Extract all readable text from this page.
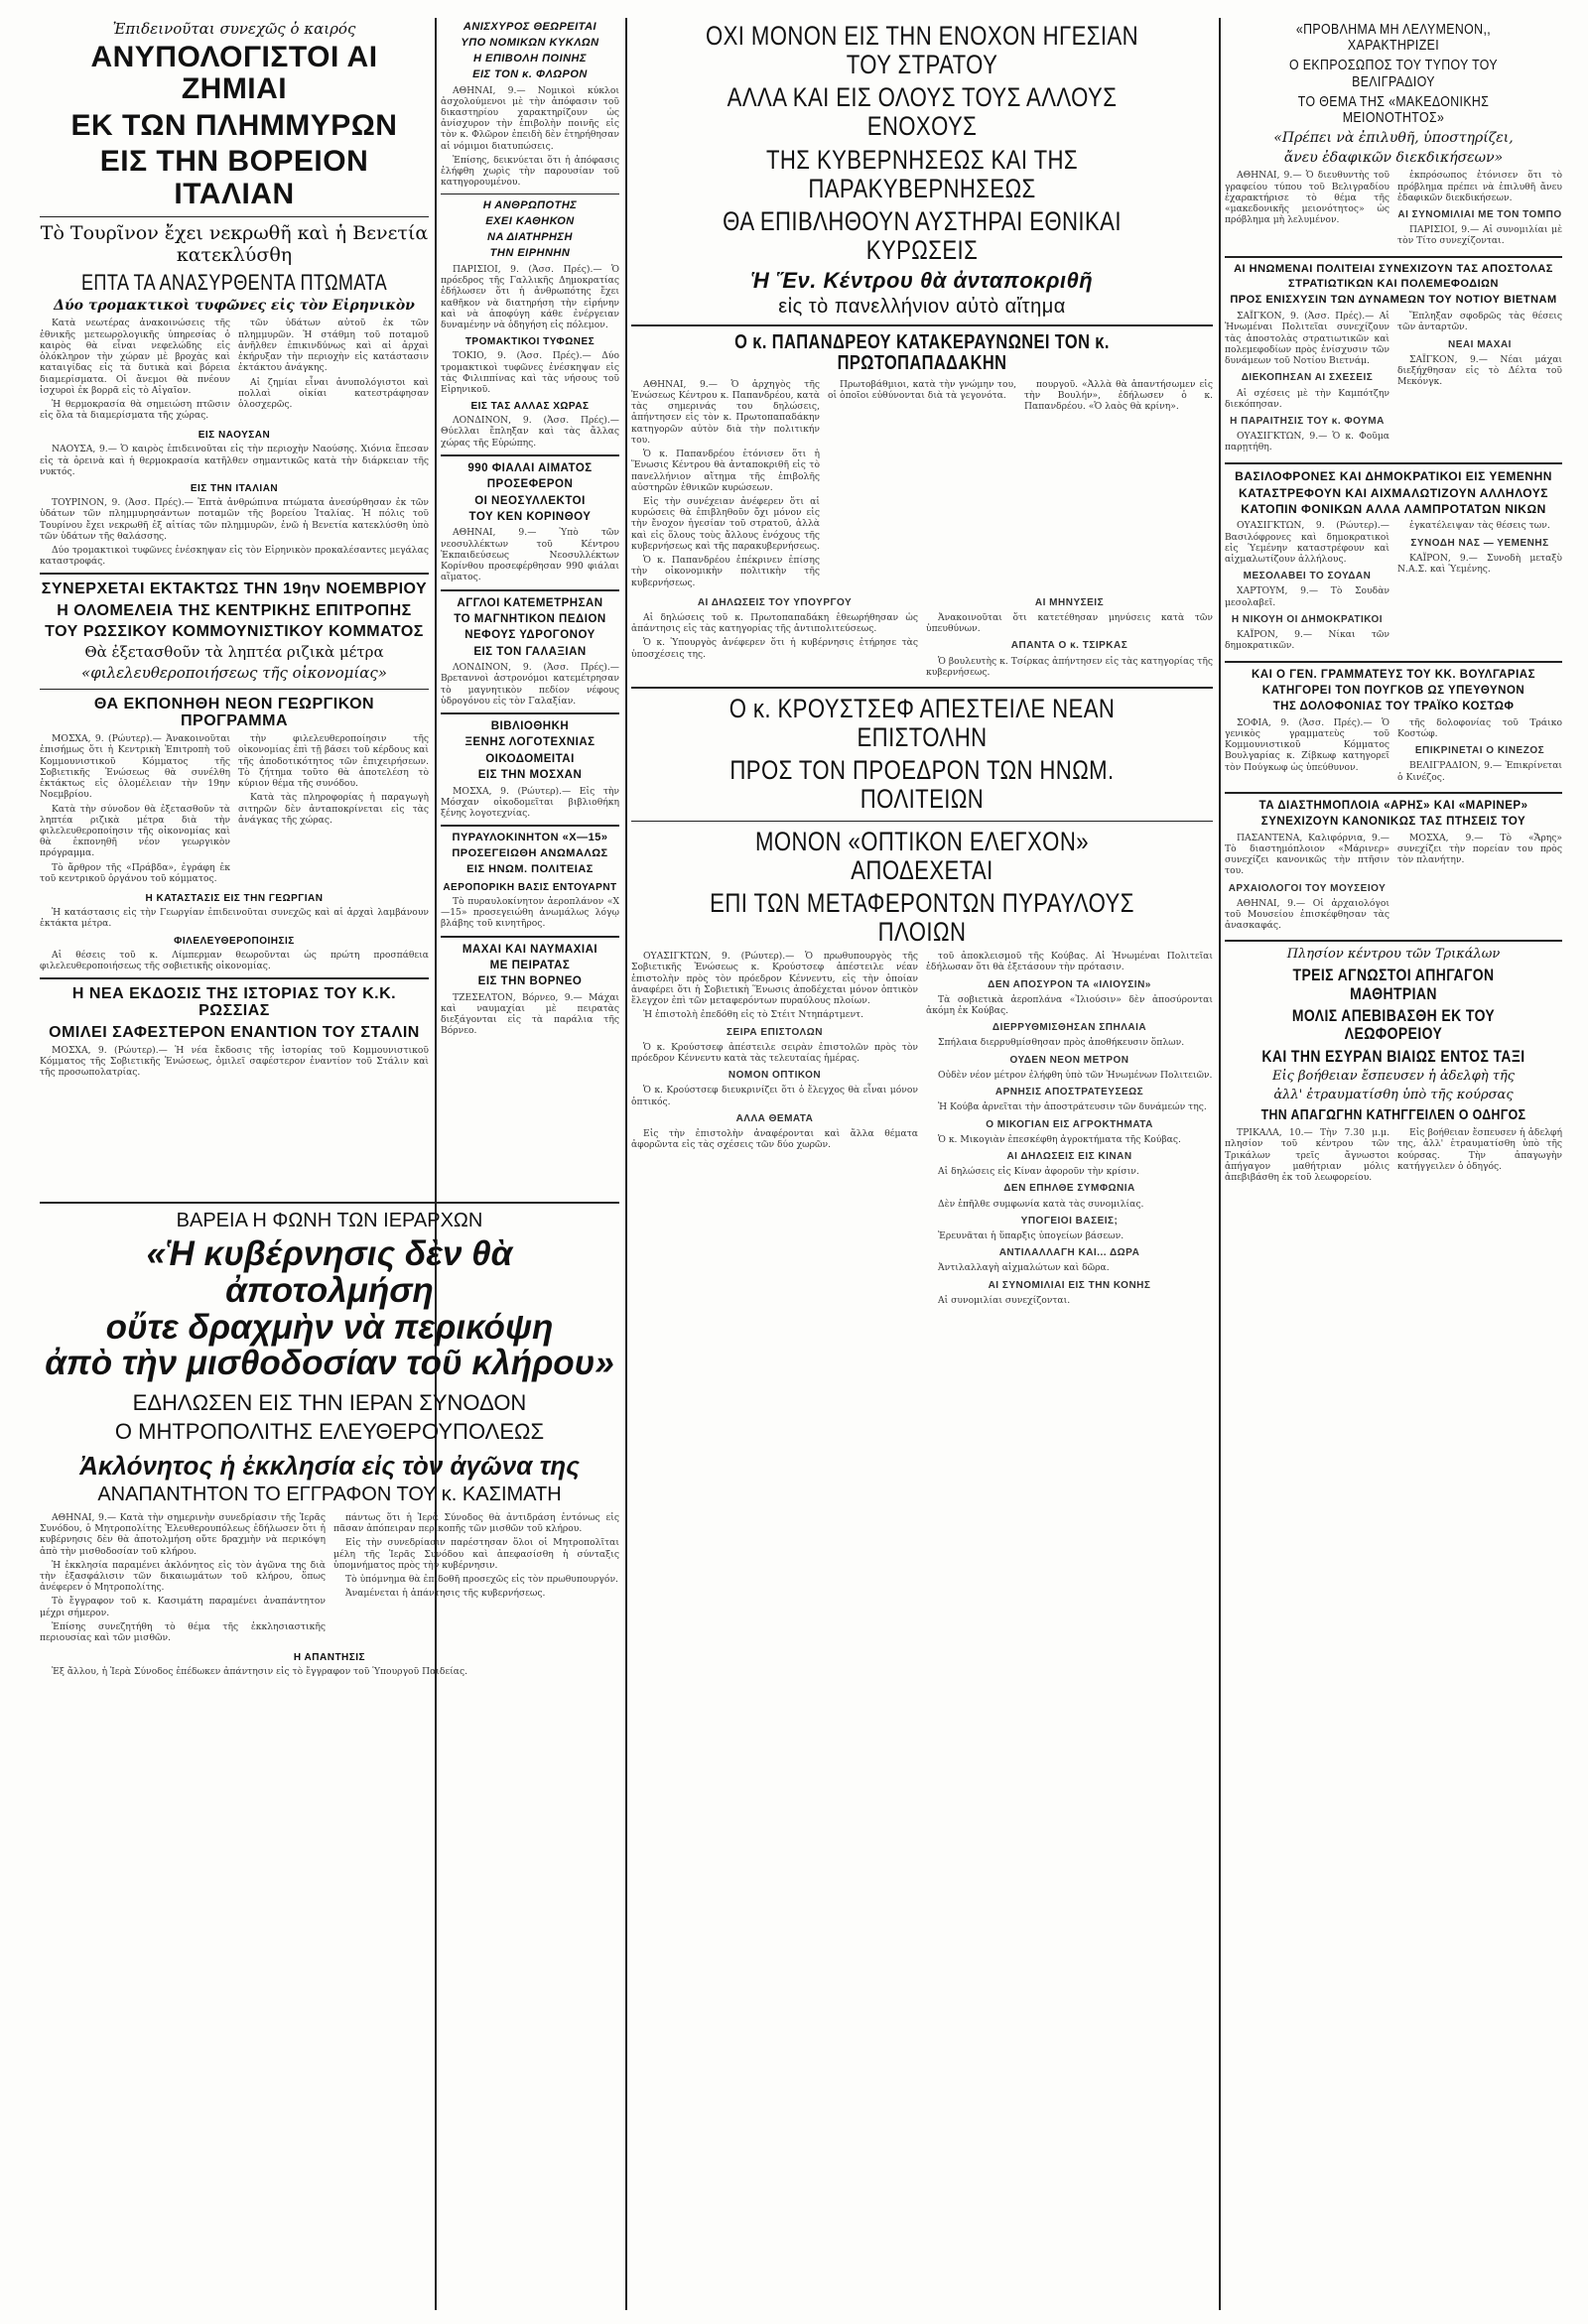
Ἐπιδεινοῦται συνεχῶς ὁ καιρός
ΑΝΥΠΟΛΟΓΙΣΤΟΙ ΑΙ ΖΗΜΙΑΙ
ΕΚ ΤΩΝ ΠΛΗΜΜΥΡΩΝ
ΕΙΣ ΤΗΝ ΒΟΡΕΙΟΝ ΙΤΑΛΙΑΝ
Τὸ Τουρῖνον ἔχει νεκρωθῆ καὶ ἡ Βενετία κατεκλύσθη
ΕΠΤΑ ΤΑ ΑΝΑΣΥΡΘΕΝΤΑ ΠΤΩΜΑΤΑ
Δύο τρομακτικοὶ τυφῶνες εἰς τὸν Εἰρηνικὸν

Κατὰ νεωτέρας ἀνακοινώσεις τῆς ἐθνικῆς μετεωρολογικῆς ὑπηρεσίας ὁ καιρὸς θὰ εἶναι νεφελώδης εἰς ὁλόκληρον τὴν χώραν μὲ βροχὰς καὶ καταιγίδας εἰς τὰ δυτικὰ καὶ βόρεια διαμερίσματα. Οἱ ἄνεμοι θὰ πνέουν ἰσχυροὶ ἐκ βορρᾶ εἰς τὸ Αἰγαῖον.

Ἡ θερμοκρασία θὰ σημειώση πτῶσιν εἰς ὅλα τὰ διαμερίσματα τῆς χώρας.

τῶν ὑδάτων αὐτοῦ ἐκ τῶν πλημμυρῶν. Ἡ στάθμη τοῦ ποταμοῦ ἀνῆλθεν ἐπικινδύνως καὶ αἱ ἀρχαὶ ἐκήρυξαν τὴν περιοχὴν εἰς κατάστασιν ἐκτάκτου ἀνάγκης.

Αἱ ζημίαι εἶναι ἀνυπολόγιστοι καὶ πολλαὶ οἰκίαι κατεστράφησαν ὁλοσχερῶς.

ΕΙΣ ΝΑΟΥΣΑΝ

ΝΑΟΥΣΑ, 9.— Ὁ καιρὸς ἐπιδεινοῦται εἰς τὴν περιοχὴν Ναούσης. Χιόνια ἔπεσαν εἰς τὰ ὀρεινὰ καὶ ἡ θερμοκρασία κατῆλθεν σημαντικῶς κατὰ τὴν διάρκειαν τῆς νυκτός.

ΕΙΣ ΤΗΝ ΙΤΑΛΙΑΝ

ΤΟΥΡΙΝΟΝ, 9. (Ἀσσ. Πρές).— Ἐπτὰ ἀνθρώπινα πτώματα ἀνεσύρθησαν ἐκ τῶν ὑδάτων τῶν πλημμυρησάντων ποταμῶν τῆς βορείου Ἰταλίας. Ἡ πόλις τοῦ Τουρίνου ἔχει νεκρωθῆ ἐξ αἰτίας τῶν πλημμυρῶν, ἐνῶ ἡ Βενετία κατεκλύσθη ὑπὸ τῶν ὑδάτων τῆς θαλάσσης.

Δύο τρομακτικοὶ τυφῶνες ἐνέσκηψαν εἰς τὸν Εἰρηνικὸν προκαλέσαντες μεγάλας καταστροφάς.

ΣΥΝΕΡΧΕΤΑΙ ΕΚΤΑΚΤΩΣ ΤΗΝ 19ην ΝΟΕΜΒΡΙΟΥ
Η ΟΛΟΜΕΛΕΙΑ ΤΗΣ ΚΕΝΤΡΙΚΗΣ ΕΠΙΤΡΟΠΗΣ
ΤΟΥ ΡΩΣΣΙΚΟΥ ΚΟΜΜΟΥΝΙΣΤΙΚΟΥ ΚΟΜΜΑΤΟΣ
Θὰ ἐξετασθοῦν τὰ ληπτέα ριζικὰ μέτρα
«φιλελευθεροποιήσεως τῆς οἰκονομίας»
ΘΑ ΕΚΠΟΝΗΘΗ ΝΕΟΝ ΓΕΩΡΓΙΚΟΝ ΠΡΟΓΡΑΜΜΑ

ΜΟΣΧΑ, 9. (Ρώυτερ).— Ἀνακοινοῦται ἐπισήμως ὅτι ἡ Κεντρικὴ Ἐπιτροπὴ τοῦ Κομμουνιστικοῦ Κόμματος τῆς Σοβιετικῆς Ἑνώσεως θὰ συνέλθη ἐκτάκτως εἰς ὁλομέλειαν τὴν 19ην Νοεμβρίου.

Κατὰ τὴν σύνοδον θὰ ἐξετασθοῦν τὰ ληπτέα ριζικὰ μέτρα διὰ τὴν φιλελευθεροποίησιν τῆς οἰκονομίας καὶ θὰ ἐκπονηθῆ νέον γεωργικὸν πρόγραμμα.

Τὸ ἄρθρον τῆς «Πράβδα», ἐγράφη ἐκ τοῦ κεντρικοῦ ὀργάνου τοῦ κόμματος.

τὴν φιλελευθεροποίησιν τῆς οἰκονομίας ἐπὶ τῇ βάσει τοῦ κέρδους καὶ τῆς ἀποδοτικότητος τῶν ἐπιχειρήσεων. Τὸ ζήτημα τοῦτο θὰ ἀποτελέση τὸ κύριον θέμα τῆς συνόδου.

Κατὰ τὰς πληροφορίας ἡ παραγωγὴ σιτηρῶν δὲν ἀνταποκρίνεται εἰς τὰς ἀνάγκας τῆς χώρας.

Η ΚΑΤΑΣΤΑΣΙΣ ΕΙΣ ΤΗΝ ΓΕΩΡΓΙΑΝ

Ἡ κατάστασις εἰς τὴν Γεωργίαν ἐπιδεινοῦται συνεχῶς καὶ αἱ ἀρχαὶ λαμβάνουν ἐκτάκτα μέτρα.

ΦΙΛΕΛΕΥΘΕΡΟΠΟΙΗΣΙΣ

Αἱ θέσεις τοῦ κ. Λίμπερμαν θεωροῦνται ὡς πρώτη προσπάθεια φιλελευθεροποιήσεως τῆς σοβιετικῆς οἰκονομίας.

Η ΝΕΑ ΕΚΔΟΣΙΣ ΤΗΣ ΙΣΤΟΡΙΑΣ ΤΟΥ Κ.Κ. ΡΩΣΣΙΑΣ
ΟΜΙΛΕΙ ΣΑΦΕΣΤΕΡΟΝ ΕΝΑΝΤΙΟΝ ΤΟΥ ΣΤΑΛΙΝ

ΜΟΣΧΑ, 9. (Ρώυτερ).— Ἡ νέα ἔκδοσις τῆς ἱστορίας τοῦ Κομμουνιστικοῦ Κόμματος τῆς Σοβιετικῆς Ἑνώσεως, ὁμιλεῖ σαφέστερον ἐναντίον τοῦ Στάλιν καὶ τῆς προσωπολατρίας.

ΑΝΙΣΧΥΡΟΣ ΘΕΩΡΕΙΤΑΙ
ΥΠΟ ΝΟΜΙΚΩΝ ΚΥΚΛΩΝ
Η ΕΠΙΒΟΛΗ ΠΟΙΝΗΣ
ΕΙΣ ΤΟΝ κ. ΦΛΩΡΟΝ

ΑΘΗΝΑΙ, 9.— Νομικοὶ κύκλοι ἀσχολούμενοι μὲ τὴν ἀπόφασιν τοῦ δικαστηρίου χαρακτηρίζουν ὡς ἀνίσχυρον τὴν ἐπιβολὴν ποινῆς εἰς τὸν κ. Φλῶρον ἐπειδὴ δὲν ἐτηρήθησαν αἱ νόμιμοι διατυπώσεις.

Ἐπίσης, δεικνύεται ὅτι ἡ ἀπόφασις ἐλήφθη χωρὶς τὴν παρουσίαν τοῦ κατηγορουμένου.

Η ΑΝΘΡΩΠΟΤΗΣ
ΕΧΕΙ ΚΑΘΗΚΟΝ
ΝΑ ΔΙΑΤΗΡΗΣΗ
ΤΗΝ ΕΙΡΗΝΗΝ

ΠΑΡΙΣΙΟΙ, 9. (Ἀσσ. Πρές).— Ὁ πρόεδρος τῆς Γαλλικῆς Δημοκρατίας ἐδήλωσεν ὅτι ἡ ἀνθρωπότης ἔχει καθῆκον νὰ διατηρήση τὴν εἰρήνην καὶ νὰ ἀποφύγη κάθε ἐνέργειαν δυναμένην νὰ ὁδηγήση εἰς πόλεμον.

ΤΡΟΜΑΚΤΙΚΟΙ ΤΥΦΩΝΕΣ

ΤΟΚΙΟ, 9. (Ἀσσ. Πρές).— Δύο τρομακτικοὶ τυφῶνες ἐνέσκηψαν εἰς τὰς Φιλιππίνας καὶ τὰς νήσους τοῦ Εἰρηνικοῦ.

ΕΙΣ ΤΑΣ ΑΛΛΑΣ ΧΩΡΑΣ

ΛΟΝΔΙΝΟΝ, 9. (Ἀσσ. Πρές).— Θύελλαι ἔπληξαν καὶ τὰς ἄλλας χώρας τῆς Εὐρώπης.

990 ΦΙΑΛΑΙ ΑΙΜΑΤΟΣ
ΠΡΟΣΕΦΕΡΟΝ
ΟΙ ΝΕΟΣΥΛΛΕΚΤΟΙ
ΤΟΥ ΚΕΝ ΚΟΡΙΝΘΟΥ

ΑΘΗΝΑΙ, 9.— Ὑπὸ τῶν νεοσυλλέκτων τοῦ Κέντρου Ἐκπαιδεύσεως Νεοσυλλέκτων Κορίνθου προσεφέρθησαν 990 φιάλαι αἵματος.

ΑΓΓΛΟΙ ΚΑΤΕΜΕΤΡΗΣΑΝ
ΤΟ ΜΑΓΝΗΤΙΚΟΝ ΠΕΔΙΟΝ
ΝΕΦΟΥΣ ΥΔΡΟΓΟΝΟΥ
ΕΙΣ ΤΟΝ ΓΑΛΑΞΙΑΝ

ΛΟΝΔΙΝΟΝ, 9. (Ἀσσ. Πρές).— Βρεταννοὶ ἀστρονόμοι κατεμέτρησαν τὸ μαγνητικὸν πεδίον νέφους ὑδρογόνου εἰς τὸν Γαλαξίαν.

ΒΙΒΛΙΟΘΗΚΗ
ΞΕΝΗΣ ΛΟΓΟΤΕΧΝΙΑΣ
ΟΙΚΟΔΟΜΕΙΤΑΙ
ΕΙΣ ΤΗΝ ΜΟΣΧΑΝ

ΜΟΣΧΑ, 9. (Ρώυτερ).— Εἰς τὴν Μόσχαν οἰκοδομεῖται βιβλιοθήκη ξένης λογοτεχνίας.

ΠΥΡΑΥΛΟΚΙΝΗΤΟΝ «Χ—15»
ΠΡΟΣΕΓΕΙΩΘΗ ΑΝΩΜΑΛΩΣ
ΕΙΣ ΗΝΩΜ. ΠΟΛΙΤΕΙΑΣ
ΑΕΡΟΠΟΡΙΚΗ ΒΑΣΙΣ ΕΝΤΟΥΑΡΝΤ

Τὸ πυραυλοκίνητον ἀεροπλάνον «Χ—15» προσεγειώθη ἀνωμάλως λόγῳ βλάβης τοῦ κινητῆρος.

ΜΑΧΑΙ ΚΑΙ ΝΑΥΜΑΧΙΑΙ
ΜΕ ΠΕΙΡΑΤΑΣ
ΕΙΣ ΤΗΝ ΒΟΡΝΕΟ

ΤΖΕΣΕΛΤΟΝ, Βόρνεο, 9.— Μάχαι καὶ ναυμαχίαι μὲ πειρατὰς διεξάγονται εἰς τὰ παράλια τῆς Βόρνεο.

ΒΑΡΕΙΑ Η ΦΩΝΗ ΤΩΝ ΙΕΡΑΡΧΩΝ
«Ἡ κυβέρνησις δὲν θὰ ἀποτολμήση
οὔτε δραχμὴν νὰ περικόψη
ἀπὸ τὴν μισθοδοσίαν τοῦ κλήρου»
ΕΔΗΛΩΣΕΝ ΕΙΣ ΤΗΝ ΙΕΡΑΝ ΣΥΝΟΔΟΝ
Ο ΜΗΤΡΟΠΟΛΙΤΗΣ ΕΛΕΥΘΕΡΟΥΠΟΛΕΩΣ
Ἀκλόνητος ἡ ἐκκλησία εἰς τὸν ἀγῶνα της
ΑΝΑΠΑΝΤΗΤΟΝ ΤΟ ΕΓΓΡΑΦΟΝ ΤΟΥ κ. ΚΑΣΙΜΑΤΗ

ΑΘΗΝΑΙ, 9.— Κατὰ τὴν σημερινὴν συνεδρίασιν τῆς Ἱερᾶς Συνόδου, ὁ Μητροπολίτης Ἐλευθερουπόλεως ἐδήλωσεν ὅτι ἡ κυβέρνησις δὲν θὰ ἀποτολμήση οὔτε δραχμὴν νὰ περικόψη ἀπὸ τὴν μισθοδοσίαν τοῦ κλήρου.

Ἡ ἐκκλησία παραμένει ἀκλόνητος εἰς τὸν ἀγῶνα της διὰ τὴν ἐξασφάλισιν τῶν δικαιωμάτων τοῦ κλήρου, ὅπως ἀνέφερεν ὁ Μητροπολίτης.

Τὸ ἔγγραφον τοῦ κ. Κασιμάτη παραμένει ἀναπάντητον μέχρι σήμερον.

Ἐπίσης συνεζητήθη τὸ θέμα τῆς ἐκκλησιαστικῆς περιουσίας καὶ τῶν μισθῶν.

πάντως ὅτι ἡ Ἱερὰ Σύνοδος θὰ ἀντιδράση ἐντόνως εἰς πᾶσαν ἀπόπειραν περικοπῆς τῶν μισθῶν τοῦ κλήρου.

Εἰς τὴν συνεδρίασιν παρέστησαν ὅλοι οἱ Μητροπολῖται μέλη τῆς Ἱερᾶς Συνόδου καὶ ἀπεφασίσθη ἡ σύνταξις ὑπομνήματος πρὸς τὴν κυβέρνησιν.

Τὸ ὑπόμνημα θὰ ἐπιδοθῆ προσεχῶς εἰς τὸν πρωθυπουργόν.

Ἀναμένεται ἡ ἀπάντησις τῆς κυβερνήσεως.

Η ΑΠΑΝΤΗΣΙΣ

Ἐξ ἄλλου, ἡ Ἱερὰ Σύνοδος ἐπέδωκεν ἀπάντησιν εἰς τὸ ἔγγραφον τοῦ Ὑπουργοῦ Παιδείας.

ΟΧΙ ΜΟΝΟΝ ΕΙΣ ΤΗΝ ΕΝΟΧΟΝ ΗΓΕΣΙΑΝ ΤΟΥ ΣΤΡΑΤΟΥ
ΑΛΛΑ ΚΑΙ ΕΙΣ ΟΛΟΥΣ ΤΟΥΣ ΑΛΛΟΥΣ ΕΝΟΧΟΥΣ
ΤΗΣ ΚΥΒΕΡΝΗΣΕΩΣ ΚΑΙ ΤΗΣ ΠΑΡΑΚΥΒΕΡΝΗΣΕΩΣ
ΘΑ ΕΠΙΒΛΗΘΟΥΝ ΑΥΣΤΗΡΑΙ ΕΘΝΙΚΑΙ ΚΥΡΩΣΕΙΣ
Ἡ Ἕν. Κέντρου θὰ ἀνταποκριθῆ
εἰς τὸ πανελλήνιον αὐτὸ αἴτημα
Ο κ. ΠΑΠΑΝΔΡΕΟΥ ΚΑΤΑΚΕΡΑΥΝΩΝΕΙ ΤΟΝ κ. ΠΡΩΤΟΠΑΠΑΔΑΚΗΝ

ΑΘΗΝΑΙ, 9.— Ὁ ἀρχηγὸς τῆς Ἑνώσεως Κέντρου κ. Παπανδρέου, κατὰ τὰς σημερινάς του δηλώσεις, ἀπήντησεν εἰς τὸν κ. Πρωτοπαπαδάκην κατηγορῶν αὐτὸν διὰ τὴν πολιτικήν του.

Ὁ κ. Παπανδρέου ἐτόνισεν ὅτι ἡ Ἕνωσις Κέντρου θὰ ἀνταποκριθῆ εἰς τὸ πανελλήνιον αἴτημα τῆς ἐπιβολῆς αὐστηρῶν ἐθνικῶν κυρώσεων.

Εἰς τὴν συνέχειαν ἀνέφερεν ὅτι αἱ κυρώσεις θὰ ἐπιβληθοῦν ὄχι μόνον εἰς τὴν ἔνοχον ἡγεσίαν τοῦ στρατοῦ, ἀλλὰ καὶ εἰς ὅλους τοὺς ἄλλους ἐνόχους τῆς κυβερνήσεως καὶ τῆς παρακυβερνήσεως.

Ὁ κ. Παπανδρέου ἐπέκρινεν ἐπίσης τὴν οἰκονομικὴν πολιτικὴν τῆς κυβερνήσεως.

Πρωτοβάθμιοι, κατὰ τὴν γνώμην του, οἱ ὁποῖοι εὐθύνονται διὰ τὰ γεγονότα.

πουργοῦ. «Ἀλλὰ θὰ ἀπαντήσωμεν εἰς τὴν Βουλήν», ἐδήλωσεν ὁ κ. Παπανδρέου. «Ὁ λαὸς θὰ κρίνη».

ΑΙ ΔΗΛΩΣΕΙΣ ΤΟΥ ΥΠΟΥΡΓΟΥ

Αἱ δηλώσεις τοῦ κ. Πρωτοπαπαδάκη ἐθεωρήθησαν ὡς ἀπάντησις εἰς τὰς κατηγορίας τῆς ἀντιπολιτεύσεως.

Ὁ κ. Ὑπουργὸς ἀνέφερεν ὅτι ἡ κυβέρνησις ἐτήρησε τὰς ὑποσχέσεις της.

ΑΙ ΜΗΝΥΣΕΙΣ

Ἀνακοινοῦται ὅτι κατετέθησαν μηνύσεις κατὰ τῶν ὑπευθύνων.

ΑΠΑΝΤΑ Ο κ. ΤΣΙΡΚΑΣ

Ὁ βουλευτὴς κ. Τσίρκας ἀπήντησεν εἰς τὰς κατηγορίας τῆς κυβερνήσεως.

Ο κ. ΚΡΟΥΣΤΣΕΦ ΑΠΕΣΤΕΙΛΕ ΝΕΑΝ ΕΠΙΣΤΟΛΗΝ
ΠΡΟΣ ΤΟΝ ΠΡΟΕΔΡΟΝ ΤΩΝ ΗΝΩΜ. ΠΟΛΙΤΕΙΩΝ
ΜΟΝΟΝ «ΟΠΤΙΚΟΝ ΕΛΕΓΧΟΝ» ΑΠΟΔΕΧΕΤΑΙ
ΕΠΙ ΤΩΝ ΜΕΤΑΦΕΡΟΝΤΩΝ ΠΥΡΑΥΛΟΥΣ ΠΛΟΙΩΝ

ΟΥΑΣΙΓΚΤΩΝ, 9. (Ρώυτερ).— Ὁ πρωθυπουργὸς τῆς Σοβιετικῆς Ἑνώσεως κ. Κρούστσεφ ἀπέστειλε νέαν ἐπιστολὴν πρὸς τὸν πρόεδρον Κέννεντυ, εἰς τὴν ὁποίαν ἀναφέρει ὅτι ἡ Σοβιετικὴ Ἕνωσις ἀποδέχεται μόνον ὀπτικὸν ἔλεγχον ἐπὶ τῶν μεταφερόντων πυραύλους πλοίων.

Ἡ ἐπιστολὴ ἐπεδόθη εἰς τὸ Στέιτ Ντηπάρτμεντ.

ΣΕΙΡΑ ΕΠΙΣΤΟΛΩΝ

Ὁ κ. Κρούστσεφ ἀπέστειλε σειρὰν ἐπιστολῶν πρὸς τὸν πρόεδρον Κέννεντυ κατὰ τὰς τελευταίας ἡμέρας.

ΝΟΜΟΝ ΟΠΤΙΚΟΝ

Ὁ κ. Κρούστσεφ διευκρινίζει ὅτι ὁ ἔλεγχος θὰ εἶναι μόνον ὀπτικός.

ΑΛΛΑ ΘΕΜΑΤΑ

Εἰς τὴν ἐπιστολὴν ἀναφέρονται καὶ ἄλλα θέματα ἀφορῶντα εἰς τὰς σχέσεις τῶν δύο χωρῶν.

τοῦ ἀποκλεισμοῦ τῆς Κούβας. Αἱ Ἡνωμέναι Πολιτεῖαι ἐδήλωσαν ὅτι θὰ ἐξετάσουν τὴν πρότασιν.

ΔΕΝ ΑΠΟΣΥΡΟΝ ΤΑ «ΙΛΙΟΥΣΙΝ»

Τὰ σοβιετικὰ ἀεροπλάνα «Ἰλιούσιν» δὲν ἀποσύρονται ἀκόμη ἐκ Κούβας.

ΔΙΕΡΡΥΘΜΙΣΘΗΣΑΝ ΣΠΗΛΑΙΑ

Σπήλαια διερρυθμίσθησαν πρὸς ἀποθήκευσιν ὅπλων.

ΟΥΔΕΝ ΝΕΟΝ ΜΕΤΡΟΝ

Οὐδὲν νέον μέτρον ἐλήφθη ὑπὸ τῶν Ἡνωμένων Πολιτειῶν.

ΑΡΝΗΣΙΣ ΑΠΟΣΤΡΑΤΕΥΣΕΩΣ

Ἡ Κούβα ἀρνεῖται τὴν ἀποστράτευσιν τῶν δυνάμεών της.

Ο ΜΙΚΟΓΙΑΝ ΕΙΣ ΑΓΡΟΚΤΗΜΑΤΑ

Ὁ κ. Μικογιὰν ἐπεσκέφθη ἀγροκτήματα τῆς Κούβας.

ΑΙ ΔΗΛΩΣΕΙΣ ΕΙΣ ΚΙΝΑΝ

Αἱ δηλώσεις εἰς Κίναν ἀφοροῦν τὴν κρίσιν.

ΔΕΝ ΕΠΗΛΘΕ ΣΥΜΦΩΝΙΑ

Δὲν ἐπῆλθε συμφωνία κατὰ τὰς συνομιλίας.

ΥΠΟΓΕΙΟΙ ΒΑΣΕΙΣ;

Ἐρευνᾶται ἡ ὕπαρξις ὑπογείων βάσεων.

ΑΝΤΙΛΑΛΛΑΓΗ ΚΑΙ... ΔΩΡΑ

Ἀντιλαλλαγὴ αἰχμαλώτων καὶ δῶρα.

ΑΙ ΣΥΝΟΜΙΛΙΑΙ ΕΙΣ ΤΗΝ ΚΟΝΗΣ

Αἱ συνομιλίαι συνεχίζονται.

«ΠΡΟΒΛΗΜΑ ΜΗ ΛΕΛΥΜΕΝΟΝ,, ΧΑΡΑΚΤΗΡΙΖΕΙ
Ο ΕΚΠΡΟΣΩΠΟΣ ΤΟΥ ΤΥΠΟΥ ΤΟΥ ΒΕΛΙΓΡΑΔΙΟΥ
ΤΟ ΘΕΜΑ ΤΗΣ «ΜΑΚΕΔΟΝΙΚΗΣ ΜΕΙΟΝΟΤΗΤΟΣ»
«Πρέπει νὰ ἐπιλυθῆ, ὑποστηρίζει,
ἄνευ ἐδαφικῶν διεκδικήσεων»

ΑΘΗΝΑΙ, 9.— Ὁ διευθυντὴς τοῦ γραφείου τύπου τοῦ Βελιγραδίου ἐχαρακτήρισε τὸ θέμα τῆς «μακεδονικῆς μειονότητος» ὡς πρόβλημα μὴ λελυμένον.

ἐκπρόσωπος ἐτόνισεν ὅτι τὸ πρόβλημα πρέπει νὰ ἐπιλυθῆ ἄνευ ἐδαφικῶν διεκδικήσεων.

ΑΙ ΣΥΝΟΜΙΛΙΑΙ ΜΕ ΤΟΝ ΤΟΜΠΟ

ΠΑΡΙΣΙΟΙ, 9.— Αἱ συνομιλίαι μὲ τὸν Τίτο συνεχίζονται.

ΑΙ ΗΝΩΜΕΝΑΙ ΠΟΛΙΤΕΙΑΙ ΣΥΝΕΧΙΖΟΥΝ ΤΑΣ ΑΠΟΣΤΟΛΑΣ
ΣΤΡΑΤΙΩΤΙΚΩΝ ΚΑΙ ΠΟΛΕΜΕΦΟΔΙΩΝ
ΠΡΟΣ ΕΝΙΣΧΥΣΙΝ ΤΩΝ ΔΥΝΑΜΕΩΝ ΤΟΥ ΝΟΤΙΟΥ ΒΙΕΤΝΑΜ

ΣΑΪΓΚΟΝ, 9. (Ἀσσ. Πρές).— Αἱ Ἡνωμέναι Πολιτεῖαι συνεχίζουν τὰς ἀποστολὰς στρατιωτικῶν καὶ πολεμεφοδίων πρὸς ἐνίσχυσιν τῶν δυνάμεων τοῦ Νοτίου Βιετνάμ.

ΔΙΕΚΟΠΗΣΑΝ ΑΙ ΣΧΕΣΕΙΣ

Αἱ σχέσεις μὲ τὴν Καμπότζην διεκόπησαν.

Η ΠΑΡΑΙΤΗΣΙΣ ΤΟΥ κ. ΦΟΥΜΑ

ΟΥΑΣΙΓΚΤΩΝ, 9.— Ὁ κ. Φοῦμα παρῃτήθη.

Ἔπληξαν σφοδρῶς τὰς θέσεις τῶν ἀνταρτῶν.

ΝΕΑΙ ΜΑΧΑΙ

ΣΑΪΓΚΟΝ, 9.— Νέαι μάχαι διεξήχθησαν εἰς τὸ Δέλτα τοῦ Μεκόνγκ.

ΒΑΣΙΛΟΦΡΟΝΕΣ ΚΑΙ ΔΗΜΟΚΡΑΤΙΚΟΙ ΕΙΣ ΥΕΜΕΝΗΝ
ΚΑΤΑΣΤΡΕΦΟΥΝ ΚΑΙ ΑΙΧΜΑΛΩΤΙΖΟΥΝ ΑΛΛΗΛΟΥΣ
ΚΑΤΟΠΙΝ ΦΟΝΙΚΩΝ ΑΛΛΑ ΛΑΜΠΡΟΤΑΤΩΝ ΝΙΚΩΝ

ΟΥΑΣΙΓΚΤΩΝ, 9. (Ρώυτερ).— Βασιλόφρονες καὶ δημοκρατικοὶ εἰς Ὑεμένην καταστρέφουν καὶ αἰχμαλωτίζουν ἀλλήλους.

ΜΕΣΟΛΑΒΕΙ ΤΟ ΣΟΥΔΑΝ

ΧΑΡΤΟΥΜ, 9.— Τὸ Σουδὰν μεσολαβεῖ.

Η ΝΙΚΟΥΗ ΟΙ ΔΗΜΟΚΡΑΤΙΚΟΙ

ΚΑΪΡΟΝ, 9.— Νίκαι τῶν δημοκρατικῶν.

ἐγκατέλειψαν τὰς θέσεις των.

ΣΥΝΟΔΗ ΝΑΣ — ΥΕΜΕΝΗΣ

ΚΑΪΡΟΝ, 9.— Συνοδὴ μεταξὺ Ν.Α.Σ. καὶ Ὑεμένης.

ΚΑΙ Ο ΓΕΝ. ΓΡΑΜΜΑΤΕΥΣ ΤΟΥ ΚΚ. ΒΟΥΛΓΑΡΙΑΣ
ΚΑΤΗΓΟΡΕΙ ΤΟΝ ΠΟΥΓΚΟΒ ΩΣ ΥΠΕΥΘΥΝΟΝ
ΤΗΣ ΔΟΛΟΦΟΝΙΑΣ ΤΟΥ ΤΡΑΪΚΟ ΚΟΣΤΩΦ

ΣΟΦΙΑ, 9. (Ἀσσ. Πρές).— Ὁ γενικὸς γραμματεὺς τοῦ Κομμουνιστικοῦ Κόμματος Βουλγαρίας κ. Ζίβκωφ κατηγορεῖ τὸν Πούγκωφ ὡς ὑπεύθυνον.

τῆς δολοφονίας τοῦ Τράικο Κοστώφ.

ΕΠΙΚΡΙΝΕΤΑΙ Ο ΚΙΝΕΖΟΣ

ΒΕΛΙΓΡΑΔΙΟΝ, 9.— Ἐπικρίνεται ὁ Κινέζος.

ΤΑ ΔΙΑΣΤΗΜΟΠΛΟΙΑ «ΑΡΗΣ» ΚΑΙ «ΜΑΡΙΝΕΡ»
ΣΥΝΕΧΙΖΟΥΝ ΚΑΝΟΝΙΚΩΣ ΤΑΣ ΠΤΗΣΕΙΣ ΤΟΥ

ΠΑΣΑΝΤΕΝΑ, Καλιφόρνια, 9.— Τὸ διαστημόπλοιον «Μάρινερ» συνεχίζει κανονικῶς τὴν πτῆσιν του.

ΑΡΧΑΙΟΛΟΓΟΙ ΤΟΥ ΜΟΥΣΕΙΟΥ

ΑΘΗΝΑΙ, 9.— Οἱ ἀρχαιολόγοι τοῦ Μουσείου ἐπισκέφθησαν τὰς ἀνασκαφάς.

ΜΟΣΧΑ, 9.— Τὸ «Ἄρης» συνεχίζει τὴν πορείαν του πρὸς τὸν πλανήτην.

Πλησίον κέντρου τῶν Τρικάλων
ΤΡΕΙΣ ΑΓΝΩΣΤΟΙ ΑΠΗΓΑΓΟΝ ΜΑΘΗΤΡΙΑΝ
ΜΟΛΙΣ ΑΠΕΒΙΒΑΣΘΗ ΕΚ ΤΟΥ ΛΕΩΦΟΡΕΙΟΥ
ΚΑΙ ΤΗΝ ΕΣΥΡΑΝ ΒΙΑΙΩΣ ΕΝΤΟΣ ΤΑΞΙ
Εἰς βοήθειαν ἔσπευσεν ἡ ἀδελφὴ τῆς
ἀλλ' ἐτραυματίσθη ὑπὸ τῆς κούρσας
ΤΗΝ ΑΠΑΓΩΓΗΝ ΚΑΤΗΓΓΕΙΛΕΝ Ο ΟΔΗΓΟΣ

ΤΡΙΚΑΛΑ, 10.— Τὴν 7.30 μ.μ. πλησίον τοῦ κέντρου τῶν Τρικάλων τρεῖς ἄγνωστοι ἀπήγαγον μαθήτριαν μόλις ἀπεβιβάσθη ἐκ τοῦ λεωφορείου.

Εἰς βοήθειαν ἔσπευσεν ἡ ἀδελφή της, ἀλλ' ἐτραυματίσθη ὑπὸ τῆς κούρσας. Τὴν ἀπαγωγὴν κατήγγειλεν ὁ ὁδηγός.
